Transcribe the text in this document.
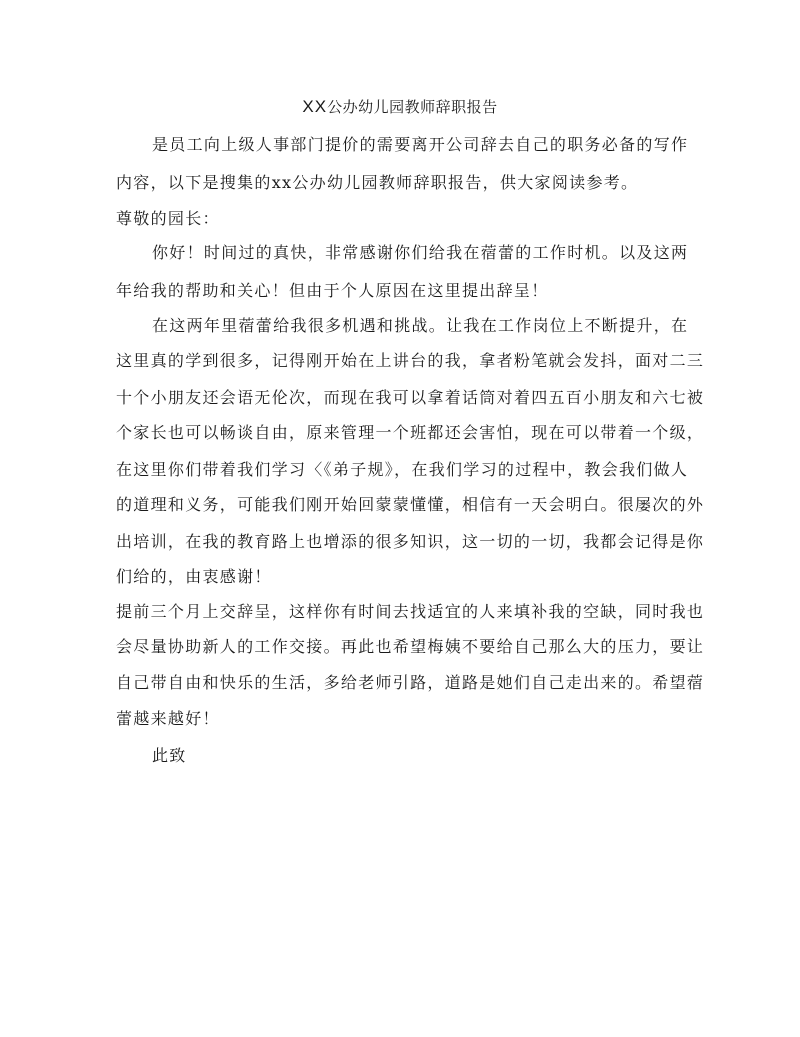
XX公办幼儿园教师辞职报告
是员工向上级人事部门提价的需要离开公司辞去自己的职务必备的写作
内容，以下是搜集的xx公办幼儿园教师辞职报告，供大家阅读参考。
尊敬的园长：
你好！时间过的真快，非常感谢你们给我在蓿蕾的工作时机。以及这两
年给我的帮助和关心！但由于个人原因在这里提出辞呈！
在这两年里蓿蕾给我很多机遇和挑战。让我在工作岗位上不断提升，在
这里真的学到很多，记得刚开始在上讲台的我，拿者粉笔就会发抖，面对二三
十个小朋友还会语无伦次，而现在我可以拿着话筒对着四五百小朋友和六七被
个家长也可以畅谈自由，原来管理一个班都还会害怕，现在可以带着一个级，
在这里你们带着我们学习〈《弟子规》，在我们学习的过程中，教会我们做人
的道理和义务，可能我们刚开始回蒙蒙懂懂，相信有一天会明白。很屡次的外
出培训，在我的教育路上也增添的很多知识，这一切的一切，我都会记得是你
们给的，由衷感谢！
提前三个月上交辞呈，这样你有时间去找适宜的人来填补我的空缺，同时我也
会尽量协助新人的工作交接。再此也希望梅姨不要给自己那么大的压力，要让
自己带自由和快乐的生活，多给老师引路，道路是她们自己走出来的。希望蓿
蕾越来越好！
此致
